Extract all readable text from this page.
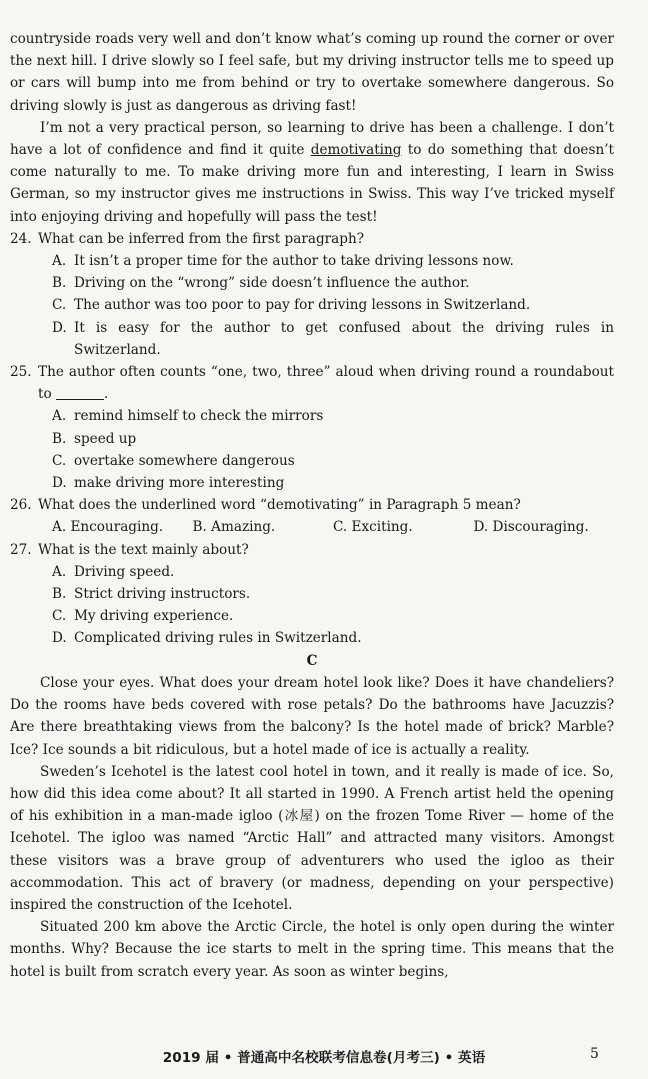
countryside roads very well and don’t know what’s coming up round the corner or over the next hill. I drive slowly so I feel safe, but my driving instructor tells me to speed up or cars will bump into me from behind or try to overtake somewhere dangerous. So driving slowly is just as dangerous as driving fast!

I’m not a very practical person, so learning to drive has been a challenge. I don’t have a lot of confidence and find it quite demotivating to do something that doesn’t come naturally to me. To make driving more fun and interesting, I learn in Swiss German, so my instructor gives me instructions in Swiss. This way I’ve tricked myself into enjoying driving and hopefully will pass the test!

24. What can be inferred from the first paragraph?
A. It isn’t a proper time for the author to take driving lessons now.
B. Driving on the “wrong” side doesn’t influence the author.
C. The author was too poor to pay for driving lessons in Switzerland.
D. It is easy for the author to get confused about the driving rules in Switzerland.
25. The author often counts “one, two, three” aloud when driving round a roundabout to	.
A. remind himself to check the mirrors
B. speed up
C. overtake somewhere dangerous
D. make driving more interesting
26. What does the underlined word “demotivating” in Paragraph 5 mean?
A. Encouraging.	B. Amazing.	C. Exciting.	D. Discouraging.
27. What is the text mainly about?
A. Driving speed.
B. Strict driving instructors.
C. My driving experience.
D. Complicated driving rules in Switzerland.

C

Close your eyes. What does your dream hotel look like? Does it have chandeliers? Do the rooms have beds covered with rose petals? Do the bathrooms have Jacuzzis? Are there breathtaking views from the balcony? Is the hotel made of brick? Marble? Ice? Ice sounds a bit ridiculous, but a hotel made of ice is actually a reality.

Sweden’s Icehotel is the latest cool hotel in town, and it really is made of ice. So, how did this idea come about? It all started in 1990. A French artist held the opening of his exhibition in a man-made igloo (冰屋) on the frozen Tome River — home of the Icehotel. The igloo was named “Arctic Hall” and attracted many visitors. Amongst these visitors was a brave group of adventurers who used the igloo as their accommodation. This act of bravery (or madness, depending on your perspective) inspired the construction of the Icehotel.

Situated 200 km above the Arctic Circle, the hotel is only open during the winter months. Why? Because the ice starts to melt in the spring time. This means that the hotel is built from scratch every year. As soon as winter begins,

2019 届 • 普通高中名校联考信息卷(月考三) • 英语	5
